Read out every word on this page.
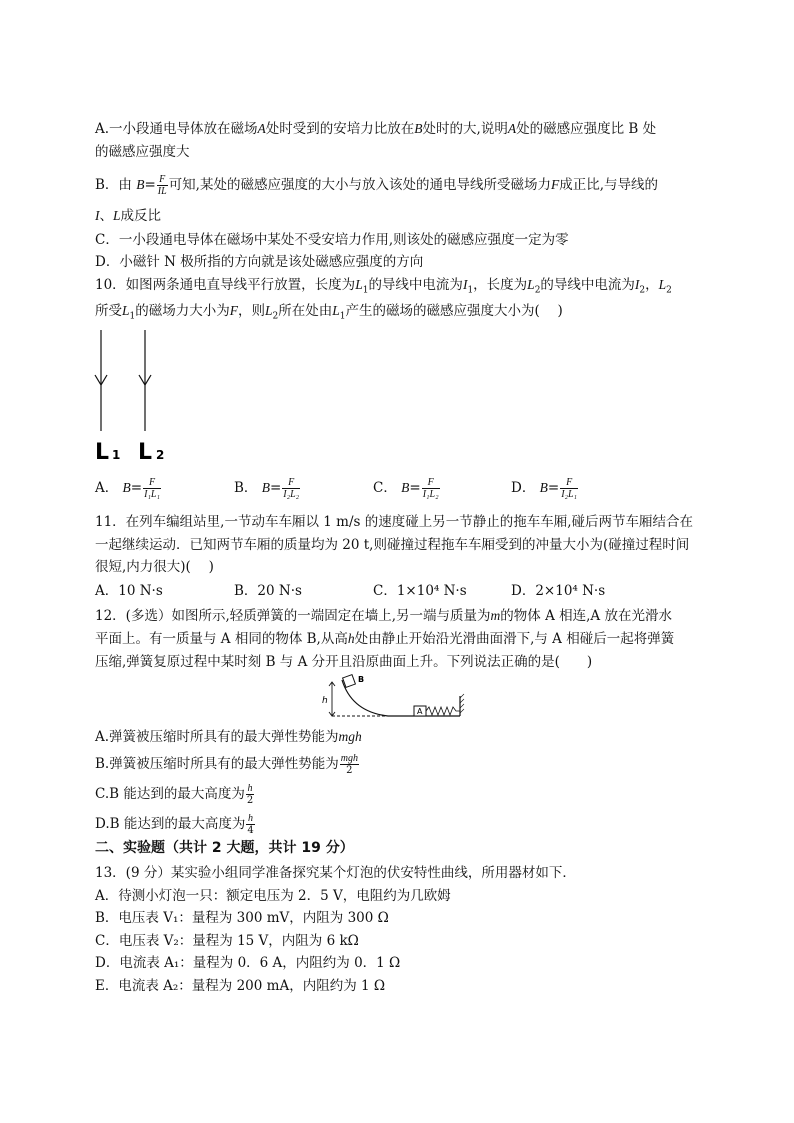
A.一小段通电导体放在磁场A处时受到的安培力比放在B处时的大,说明A处的磁感应强度比 B 处
的磁感应强度大
B．由 $B= \frac{F}{IL}$ 可知,某处的磁感应强度的大小与放入该处的通电导线所受磁场力F成正比,与导线的
I、L成反比
C．一小段通电导体在磁场中某处不受安培力作用,则该处的磁感应强度一定为零
D．小磁针 N 极所指的方向就是该处磁感应强度的方向
10．如图两条通电直导线平行放置，长度为$L_1$的导线中电流为$I_1$，长度为$L_2$的导线中电流为$I_2$，$L_2$
所受$L_1$的磁场力大小为F，则$L_2$所在处由$L_1$产生的磁场的磁感应强度大小为(　 )
L 1 L 2
A． $B= \frac{F}{\text{I₁L₁}}$	B． $B= \frac{F}{\text{I₂L₂}}$	C． $B= \frac{F}{\text{I₁L₂}}$	D． $B= \frac{F}{\text{I₂L₁}}$
11．在列车编组站里,一节动车车厢以 1 m/s 的速度碰上另一节静止的拖车车厢,碰后两节车厢结合在
一起继续运动．已知两节车厢的质量均为 20 t,则碰撞过程拖车车厢受到的冲量大小为(碰撞过程时间
很短,内力很大)(　 )
A．10 N·s	B．20 N·s	C．1×10⁴ N·s	D．2×10⁴ N·s
12．(多选）如图所示,轻质弹簧的一端固定在墙上,另一端与质量为m的物体 A 相连,A 放在光滑水
平面上。有一质量与 A 相同的物体 B,从高h处由静止开始沿光滑曲面滑下,与 A 相碰后一起将弹簧
压缩,弹簧复原过程中某时刻 B 与 A 分开且沿原曲面上升。下列说法正确的是(　　)
h
B
A
A.弹簧被压缩时所具有的最大弹性势能为mgh
B.弹簧被压缩时所具有的最大弹性势能为 $\frac{\text{mgh}}{2}$
C.B 能达到的最大高度为 $\frac{h}{2}$
D.B 能达到的最大高度为 $\frac{h}{4}$
二、实验题（共计 2 大题，共计 19 分）
13．(9 分）某实验小组同学准备探究某个灯泡的伏安特性曲线，所用器材如下．
A．待测小灯泡一只：额定电压为 2．5 V，电阻约为几欧姆
B．电压表 V₁：量程为 300 mV，内阻为 300 Ω
C．电压表 V₂：量程为 15 V，内阻为 6 kΩ
D．电流表 A₁：量程为 0．6 A，内阻约为 0．1 Ω
E．电流表 A₂：量程为 200 mA，内阻约为 1 Ω
